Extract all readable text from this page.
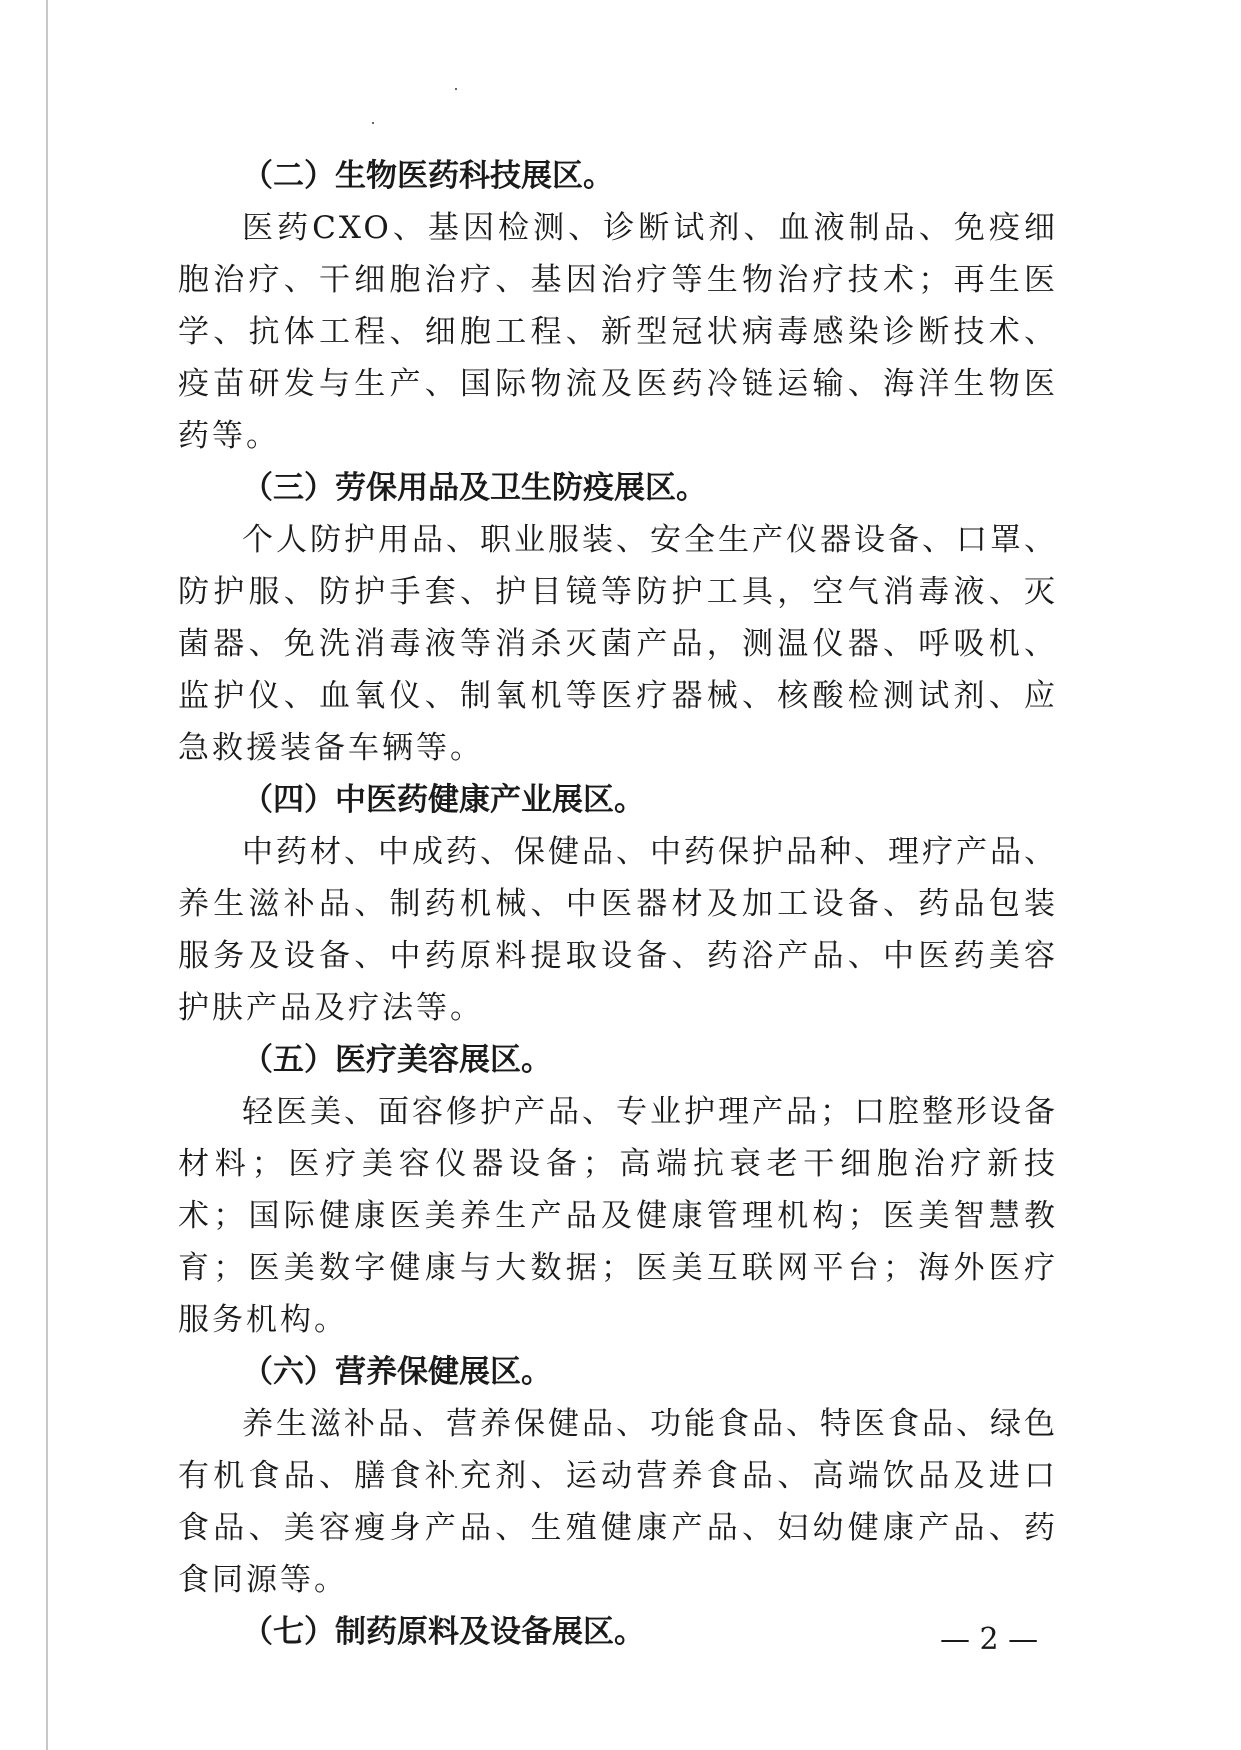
（二）生物医药科技展区。

医药CXO、基因检测、诊断试剂、血液制品、免疫细胞治疗、干细胞治疗、基因治疗等生物治疗技术；再生医学、抗体工程、细胞工程、新型冠状病毒感染诊断技术、疫苗研发与生产、国际物流及医药冷链运输、海洋生物医药等。

（三）劳保用品及卫生防疫展区。

个人防护用品、职业服装、安全生产仪器设备、口罩、防护服、防护手套、护目镜等防护工具，空气消毒液、灭菌器、免洗消毒液等消杀灭菌产品，测温仪器、呼吸机、监护仪、血氧仪、制氧机等医疗器械、核酸检测试剂、应急救援装备车辆等。

（四）中医药健康产业展区。

中药材、中成药、保健品、中药保护品种、理疗产品、养生滋补品、制药机械、中医器材及加工设备、药品包装服务及设备、中药原料提取设备、药浴产品、中医药美容护肤产品及疗法等。

（五）医疗美容展区。

轻医美、面容修护产品、专业护理产品；口腔整形设备材料；医疗美容仪器设备；高端抗衰老干细胞治疗新技术；国际健康医美养生产品及健康管理机构；医美智慧教育；医美数字健康与大数据；医美互联网平台；海外医疗服务机构。

（六）营养保健展区。

养生滋补品、营养保健品、功能食品、特医食品、绿色有机食品、膳食补充剂、运动营养食品、高端饮品及进口食品、美容瘦身产品、生殖健康产品、妇幼健康产品、药食同源等。

（七）制药原料及设备展区。	— 2 —
